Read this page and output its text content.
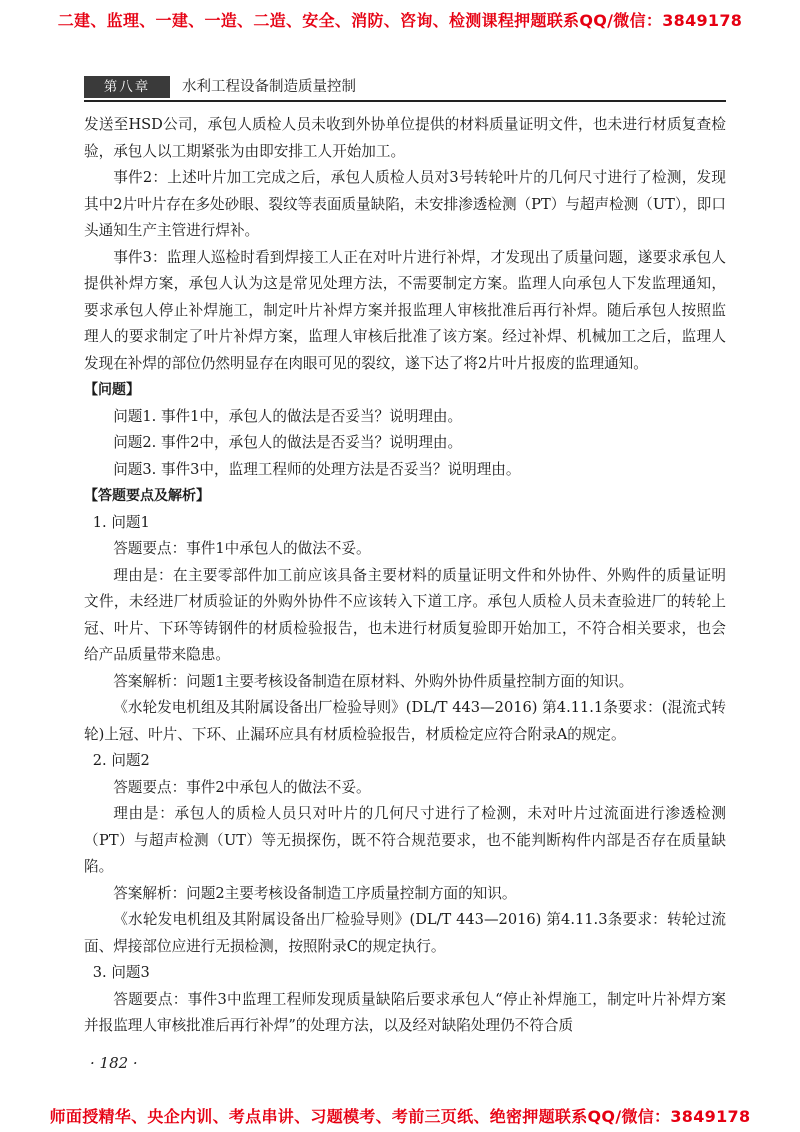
二建、监理、一建、一造、二造、安全、消防、咨询、检测课程押题联系QQ/微信：3849178
第八章	水利工程设备制造质量控制

发送至HSD公司，承包人质检人员未收到外协单位提供的材料质量证明文件，也未进行材质复查检验，承包人以工期紧张为由即安排工人开始加工。

事件2：上述叶片加工完成之后，承包人质检人员对3号转轮叶片的几何尺寸进行了检测，发现其中2片叶片存在多处砂眼、裂纹等表面质量缺陷，未安排渗透检测（PT）与超声检测（UT），即口头通知生产主管进行焊补。

事件3：监理人巡检时看到焊接工人正在对叶片进行补焊，才发现出了质量问题，遂要求承包人提供补焊方案，承包人认为这是常见处理方法，不需要制定方案。监理人向承包人下发监理通知，要求承包人停止补焊施工，制定叶片补焊方案并报监理人审核批准后再行补焊。随后承包人按照监理人的要求制定了叶片补焊方案，监理人审核后批准了该方案。经过补焊、机械加工之后，监理人发现在补焊的部位仍然明显存在肉眼可见的裂纹，遂下达了将2片叶片报废的监理通知。

【问题】

问题1. 事件1中，承包人的做法是否妥当？说明理由。

问题2. 事件2中，承包人的做法是否妥当？说明理由。

问题3. 事件3中，监理工程师的处理方法是否妥当？说明理由。

【答题要点及解析】

1. 问题1

答题要点：事件1中承包人的做法不妥。

理由是：在主要零部件加工前应该具备主要材料的质量证明文件和外协件、外购件的质量证明文件，未经进厂材质验证的外购外协件不应该转入下道工序。承包人质检人员未查验进厂的转轮上冠、叶片、下环等铸钢件的材质检验报告，也未进行材质复验即开始加工，不符合相关要求，也会给产品质量带来隐患。

答案解析：问题1主要考核设备制造在原材料、外购外协件质量控制方面的知识。

《水轮发电机组及其附属设备出厂检验导则》(DL/T 443—2016) 第4.11.1条要求：(混流式转轮)上冠、叶片、下环、止漏环应具有材质检验报告，材质检定应符合附录A的规定。

2. 问题2

答题要点：事件2中承包人的做法不妥。

理由是：承包人的质检人员只对叶片的几何尺寸进行了检测，未对叶片过流面进行渗透检测（PT）与超声检测（UT）等无损探伤，既不符合规范要求，也不能判断构件内部是否存在质量缺陷。

答案解析：问题2主要考核设备制造工序质量控制方面的知识。

《水轮发电机组及其附属设备出厂检验导则》(DL/T 443—2016) 第4.11.3条要求：转轮过流面、焊接部位应进行无损检测，按照附录C的规定执行。

3. 问题3

答题要点：事件3中监理工程师发现质量缺陷后要求承包人“停止补焊施工，制定叶片补焊方案并报监理人审核批准后再行补焊”的处理方法，以及经对缺陷处理仍不符合质

· 182 ·
师面授精华、央企内训、考点串讲、习题模考、考前三页纸、绝密押题联系QQ/微信：3849178
